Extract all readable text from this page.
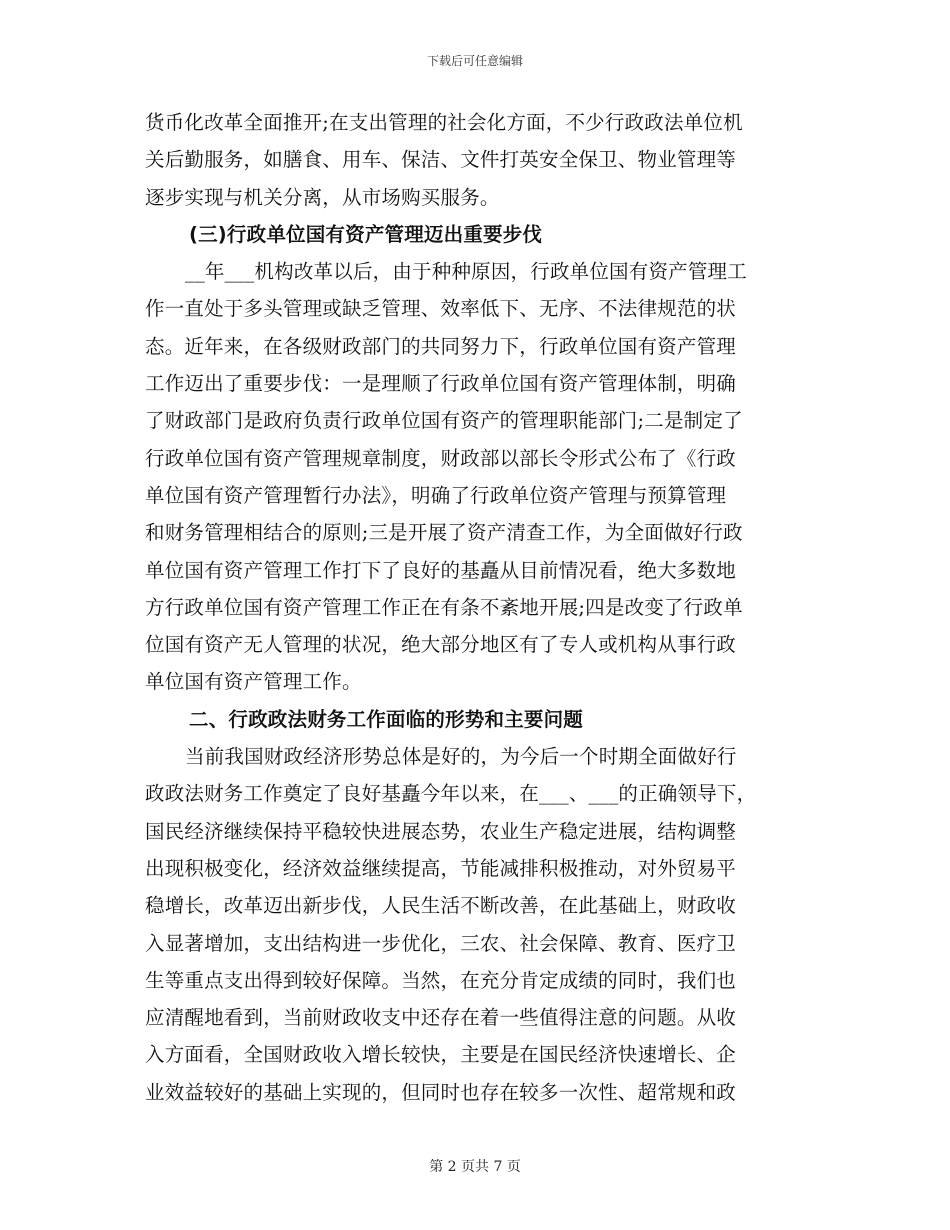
下载后可任意编辑
货币化改革全面推开;在支出管理的社会化方面，不少行政政法单位机
关后勤服务，如膳食、用车、保洁、文件打英安全保卫、物业管理等
逐步实现与机关分离，从市场购买服务。
(三)行政单位国有资产管理迈出重要步伐
__年___机构改革以后，由于种种原因，行政单位国有资产管理工
作一直处于多头管理或缺乏管理、效率低下、无序、不法律规范的状
态。近年来，在各级财政部门的共同努力下，行政单位国有资产管理
工作迈出了重要步伐：一是理顺了行政单位国有资产管理体制，明确
了财政部门是政府负责行政单位国有资产的管理职能部门;二是制定了
行政单位国有资产管理规章制度，财政部以部长令形式公布了《行政
单位国有资产管理暂行办法》，明确了行政单位资产管理与预算管理
和财务管理相结合的原则;三是开展了资产清查工作，为全面做好行政
单位国有资产管理工作打下了良好的基矗从目前情况看，绝大多数地
方行政单位国有资产管理工作正在有条不紊地开展;四是改变了行政单
位国有资产无人管理的状况，绝大部分地区有了专人或机构从事行政
单位国有资产管理工作。
二、行政政法财务工作面临的形势和主要问题
当前我国财政经济形势总体是好的，为今后一个时期全面做好行
政政法财务工作奠定了良好基矗今年以来，在___、___的正确领导下，
国民经济继续保持平稳较快进展态势，农业生产稳定进展，结构调整
出现积极变化，经济效益继续提高，节能减排积极推动，对外贸易平
稳增长，改革迈出新步伐，人民生活不断改善，在此基础上，财政收
入显著增加，支出结构进一步优化，三农、社会保障、教育、医疗卫
生等重点支出得到较好保障。当然，在充分肯定成绩的同时，我们也
应清醒地看到，当前财政收支中还存在着一些值得注意的问题。从收
入方面看，全国财政收入增长较快，主要是在国民经济快速增长、企
业效益较好的基础上实现的，但同时也存在较多一次性、超常规和政
第 2 页共 7 页
